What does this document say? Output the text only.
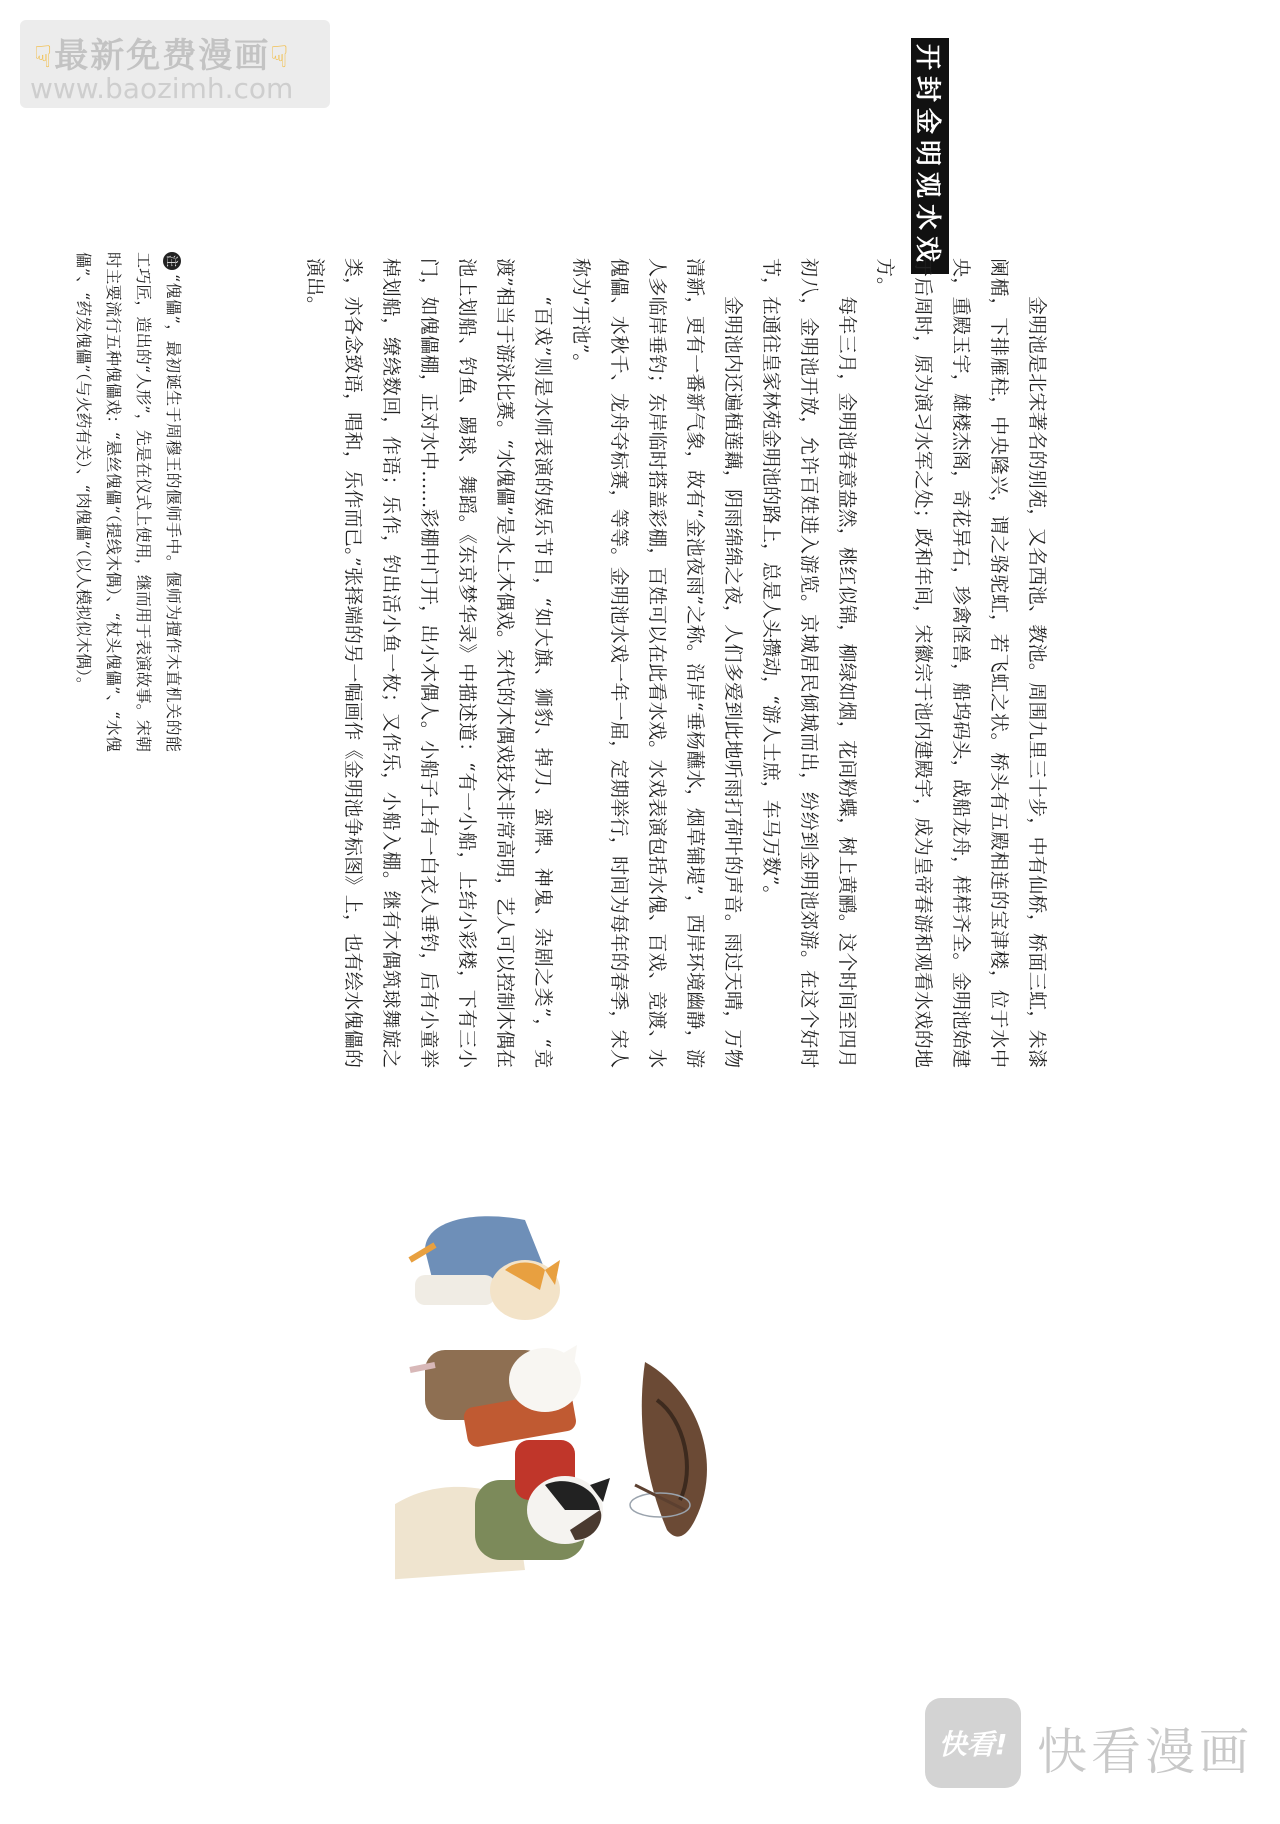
☟最新免费漫画☟
www.baozimh.com	开封金明观水戏

金明池是北宋著名的别苑，又名西池、教池。周围九里三十步，中有仙桥，桥面三虹，朱漆阑楯，下排雁柱，中央隆兴，谓之骆驼虹，若飞虹之状。桥头有五殿相连的宝津楼，位于水中央，重殿玉宇，雄楼杰阁，奇花异石，珍禽怪兽，船坞码头，战船龙舟，样样齐全。金明池始建于后周时，原为演习水军之处；政和年间，宋徽宗于池内建殿宇，成为皇帝春游和观看水戏的地方。

每年三月，金明池春意盎然，桃红似锦，柳绿如烟，花间粉蝶，树上黄鹂。这个时间至四月初八，金明池开放，允许百姓进入游览。京城居民倾城而出，纷纷到金明池郊游。在这个好时节，在通往皇家林苑金明池的路上，总是人头攒动，“游人士庶，车马万数”。

金明池内还遍植莲藕，阴雨绵绵之夜，人们多爱到此地听雨打荷叶的声音。雨过天晴，万物清新，更有一番新气象，故有“金池夜雨”之称。沿岸“垂杨蘸水，烟草铺堤”，西岸环境幽静，游人多临岸垂钓；东岸临时搭盖彩棚，百姓可以在此看水戏。水戏表演包括水傀、百戏、竞渡、水傀儡、水秋千、龙舟夺标赛，等等。金明池水戏一年一届，定期举行，时间为每年的春季，宋人称为“开池”。

“百戏”则是水师表演的娱乐节目，“如大旗、狮豹、掉刀、蛮牌、神鬼、杂剧之类”，“竞渡”相当于游泳比赛。“水傀儡”是水上木偶戏。宋代的木偶戏技术非常高明，艺人可以控制木偶在池上划船、钓鱼、踢球、舞蹈。《东京梦华录》中描述道：“有一小船，上结小彩楼，下有三小门，如傀儡棚，正对水中……彩棚中门开，出小木偶人。小船子上有一白衣人垂钓，后有小童举棹划船，缭绕数回，作语；乐作，钓出活小鱼一枚；又作乐，小船入棚。继有木偶筑球舞旋之类，亦各念致语，唱和，乐作而已。”张择端的另一幅画作《金明池争标图》上，也有绘水傀儡的演出。

注“傀儡”，最初诞生于周穆王的偃师手中。偃师为擅作木直机关的能工巧匠，造出的“人形”，先是在仪式上使用，继而用于表演故事。宋朝时主要流行五种傀儡戏：“悬丝傀儡”（提线木偶）、“杖头傀儡”、“水傀儡”、“药发傀儡”（与火药有关）、“肉傀儡”（以人模拟似木偶）。

快看! 快看漫画
